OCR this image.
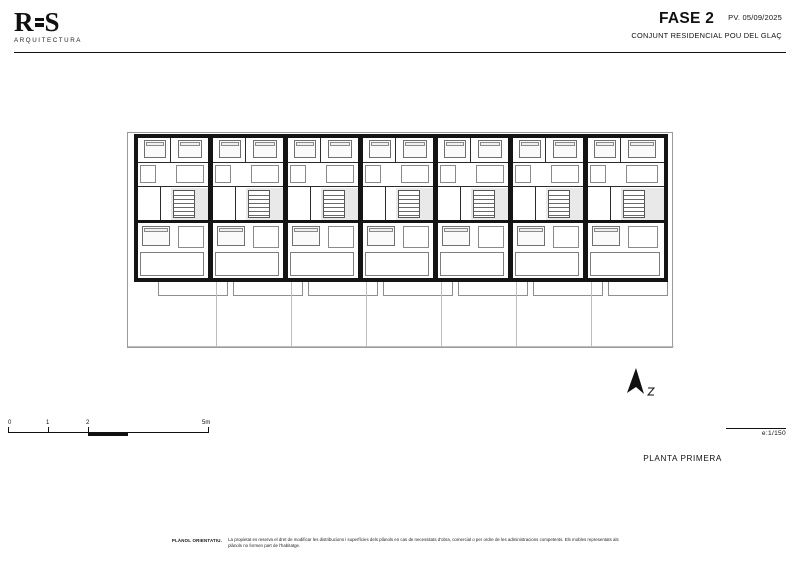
R S
ARQUITECTURA
FASE 2 PV. 05/09/2025
CONJUNT RESIDENCIAL POU DEL GLAÇ
0	1	2	5m
e:1/150
PLANTA PRIMERA
PLÀNOL ORIENTATIU. La propietat es reserva el dret de modificar les distribucions i superfícies dels plànols en cas de necessitats d'obra, comercial o per ordre de les administracions competents. Els mobles representats als plànols no formen part de l'habitatge.
